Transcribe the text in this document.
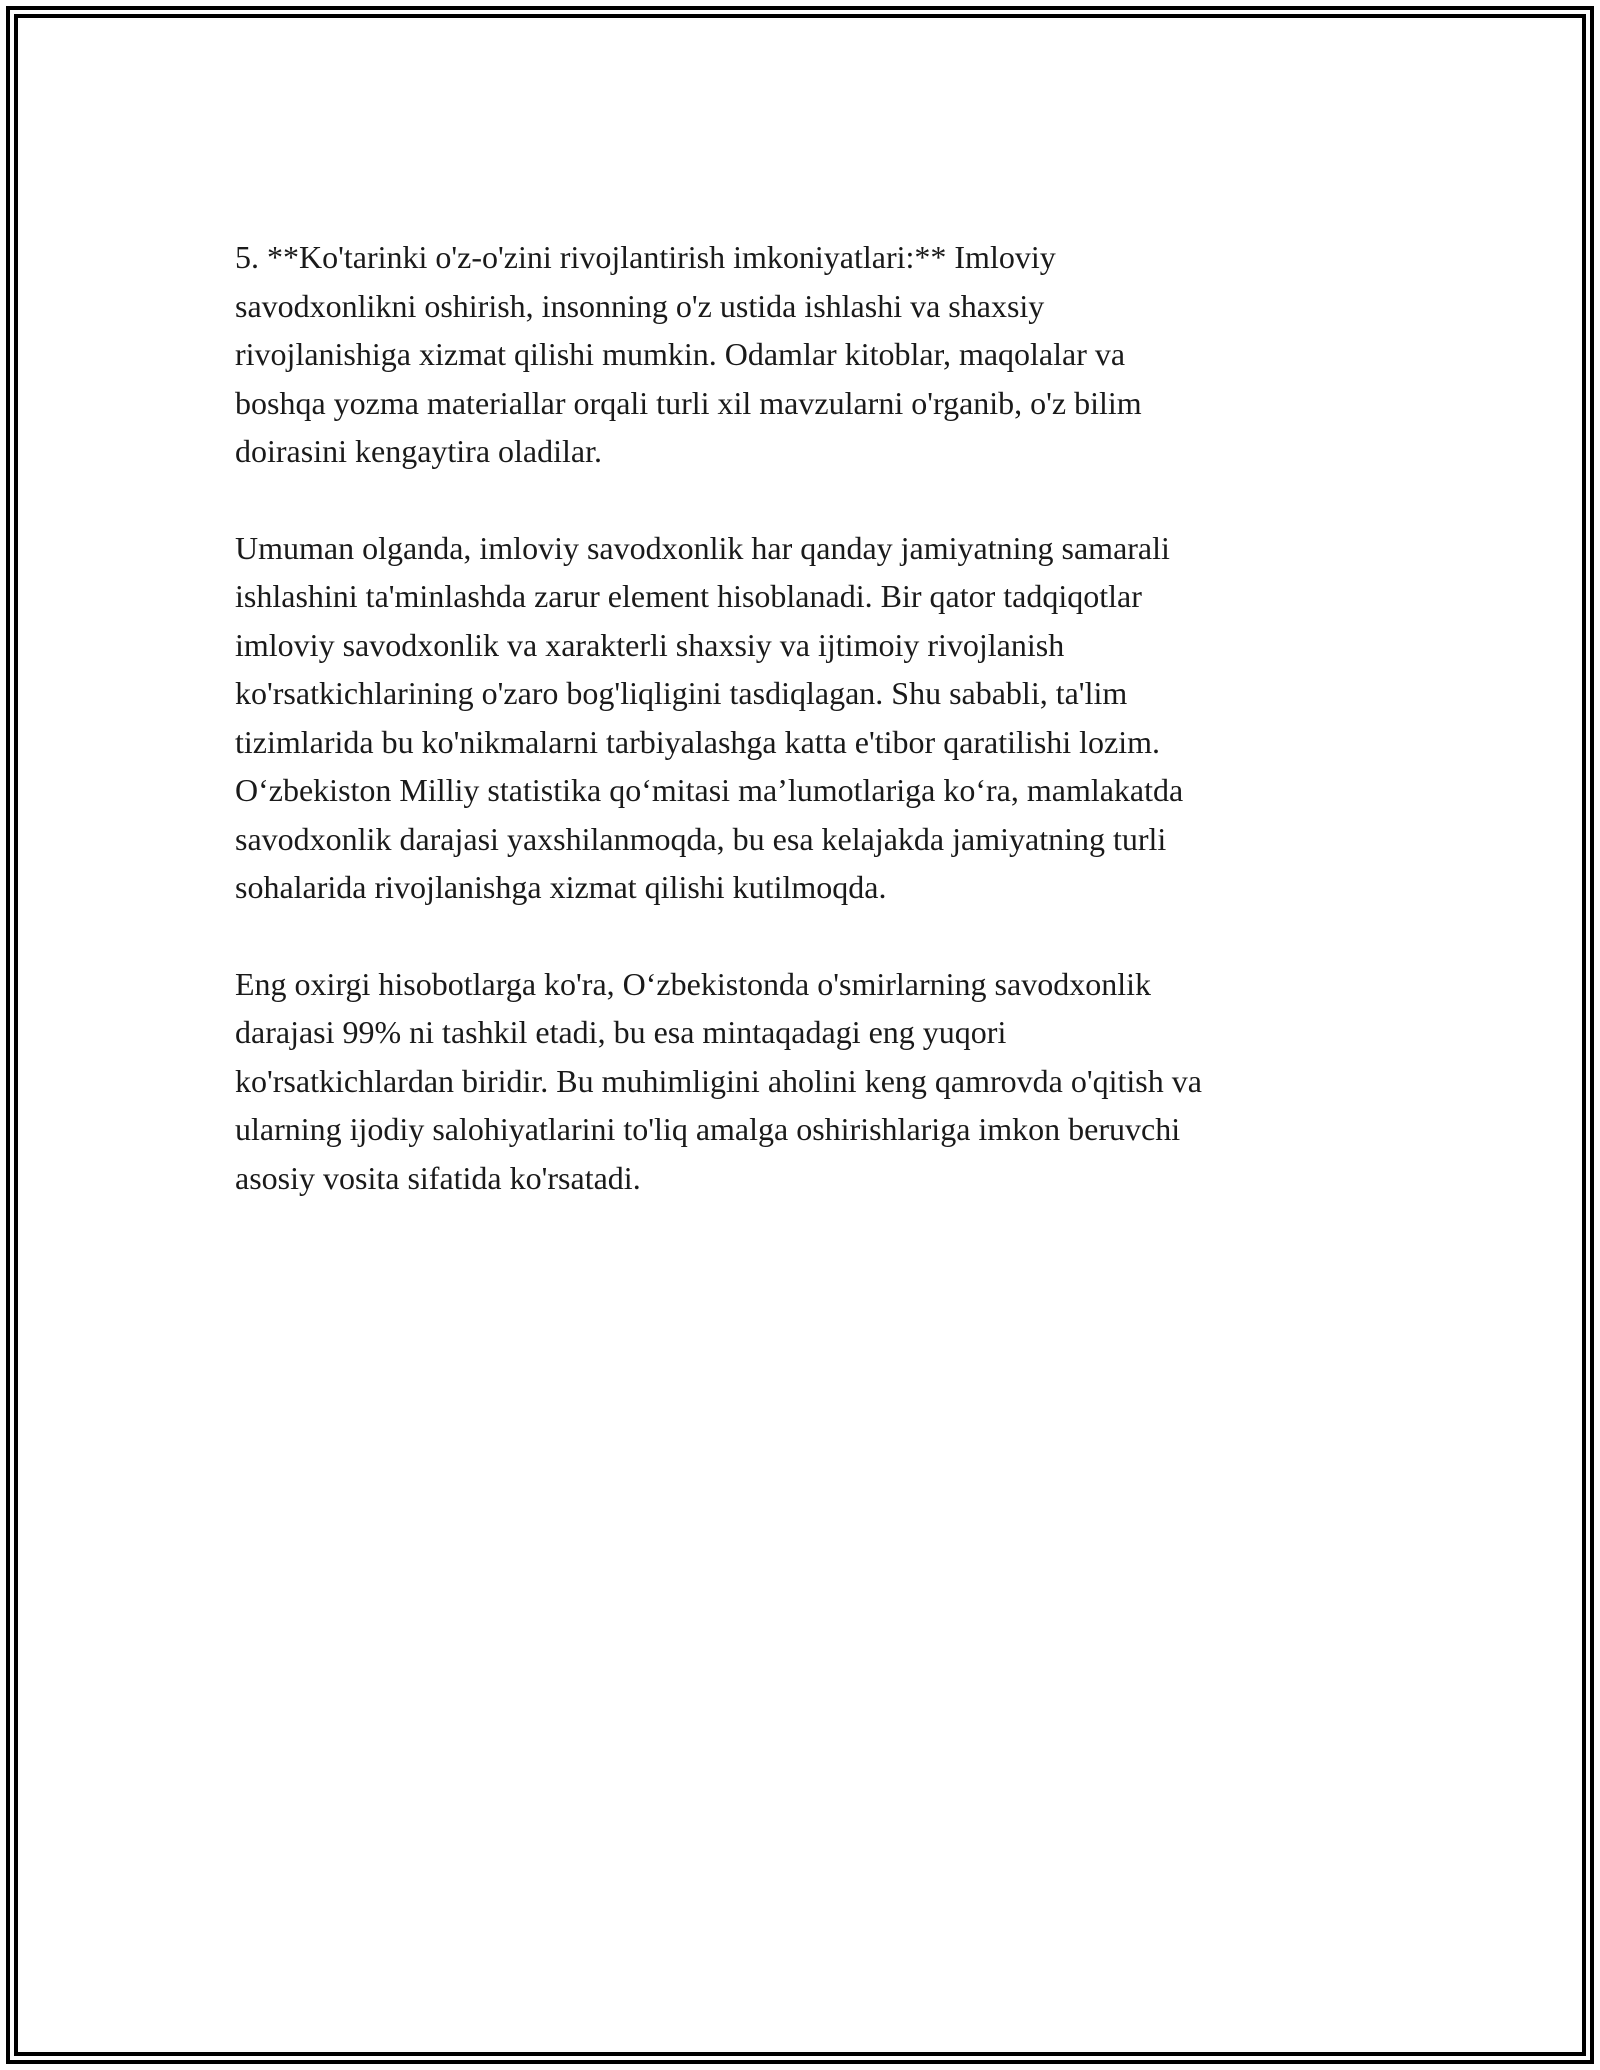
5. **Ko'tarinki o'z-o'zini rivojlantirish imkoniyatlari:** Imloviy
savodxonlikni oshirish, insonning o'z ustida ishlashi va shaxsiy
rivojlanishiga xizmat qilishi mumkin. Odamlar kitoblar, maqolalar va
boshqa yozma materiallar orqali turli xil mavzularni o'rganib, o'z bilim
doirasini kengaytira oladilar.

Umuman olganda, imloviy savodxonlik har qanday jamiyatning samarali
ishlashini ta'minlashda zarur element hisoblanadi. Bir qator tadqiqotlar
imloviy savodxonlik va xarakterli shaxsiy va ijtimoiy rivojlanish
ko'rsatkichlarining o'zaro bog'liqligini tasdiqlagan. Shu sababli, ta'lim
tizimlarida bu ko'nikmalarni tarbiyalashga katta e'tibor qaratilishi lozim.
O‘zbekiston Milliy statistika qo‘mitasi ma’lumotlariga ko‘ra, mamlakatda
savodxonlik darajasi yaxshilanmoqda, bu esa kelajakda jamiyatning turli
sohalarida rivojlanishga xizmat qilishi kutilmoqda.

Eng oxirgi hisobotlarga ko'ra, O‘zbekistonda o'smirlarning savodxonlik
darajasi 99% ni tashkil etadi, bu esa mintaqadagi eng yuqori
ko'rsatkichlardan biridir. Bu muhimligini aholini keng qamrovda o'qitish va
ularning ijodiy salohiyatlarini to'liq amalga oshirishlariga imkon beruvchi
asosiy vosita sifatida ko'rsatadi.
